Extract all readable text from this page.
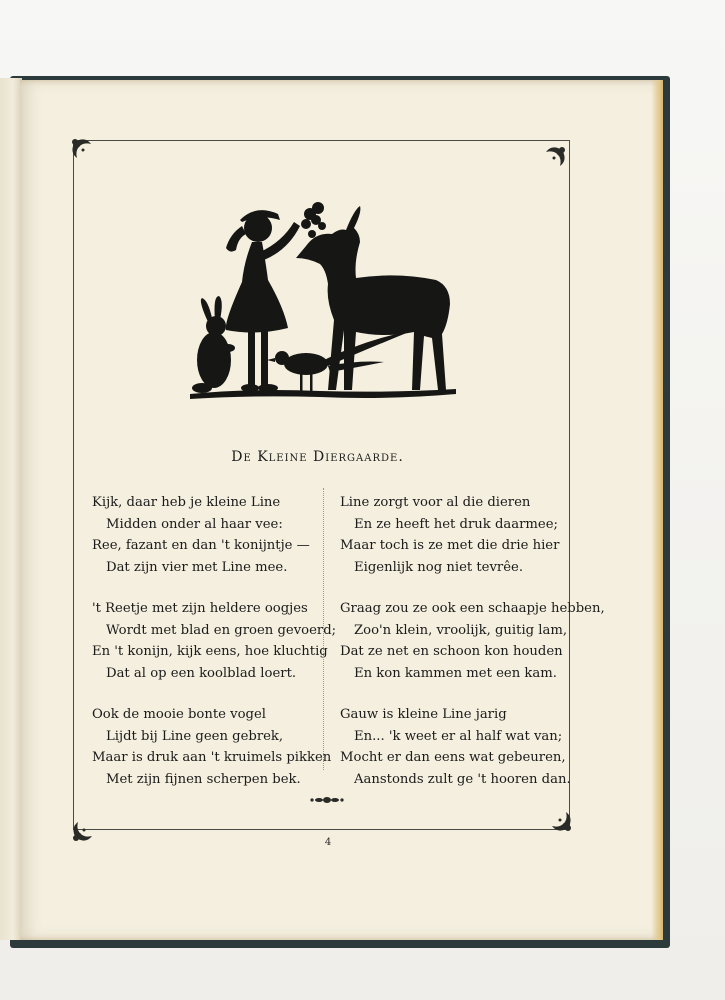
De Kleine Diergaarde.
Kijk, daar heb je kleine Line
Midden onder al haar vee:
Ree, fazant en dan 't konijntje —
Dat zijn vier met Line mee.
't Reetje met zijn heldere oogjes
Wordt met blad en groen gevoerd;
En 't konijn, kijk eens, hoe kluchtig
Dat al op een koolblad loert.
Ook de mooie bonte vogel
Lijdt bij Line geen gebrek,
Maar is druk aan 't kruimels pikken
Met zijn fijnen scherpen bek.
Line zorgt voor al die dieren
En ze heeft het druk daarmee;
Maar toch is ze met die drie hier
Eigenlijk nog niet tevrêe.
Graag zou ze ook een schaapje hebben,
Zoo'n klein, vroolijk, guitig lam,
Dat ze net en schoon kon houden
En kon kammen met een kam.
Gauw is kleine Line jarig
En... 'k weet er al half wat van;
Mocht er dan eens wat gebeuren,
Aanstonds zult ge 't hooren dan.
4
